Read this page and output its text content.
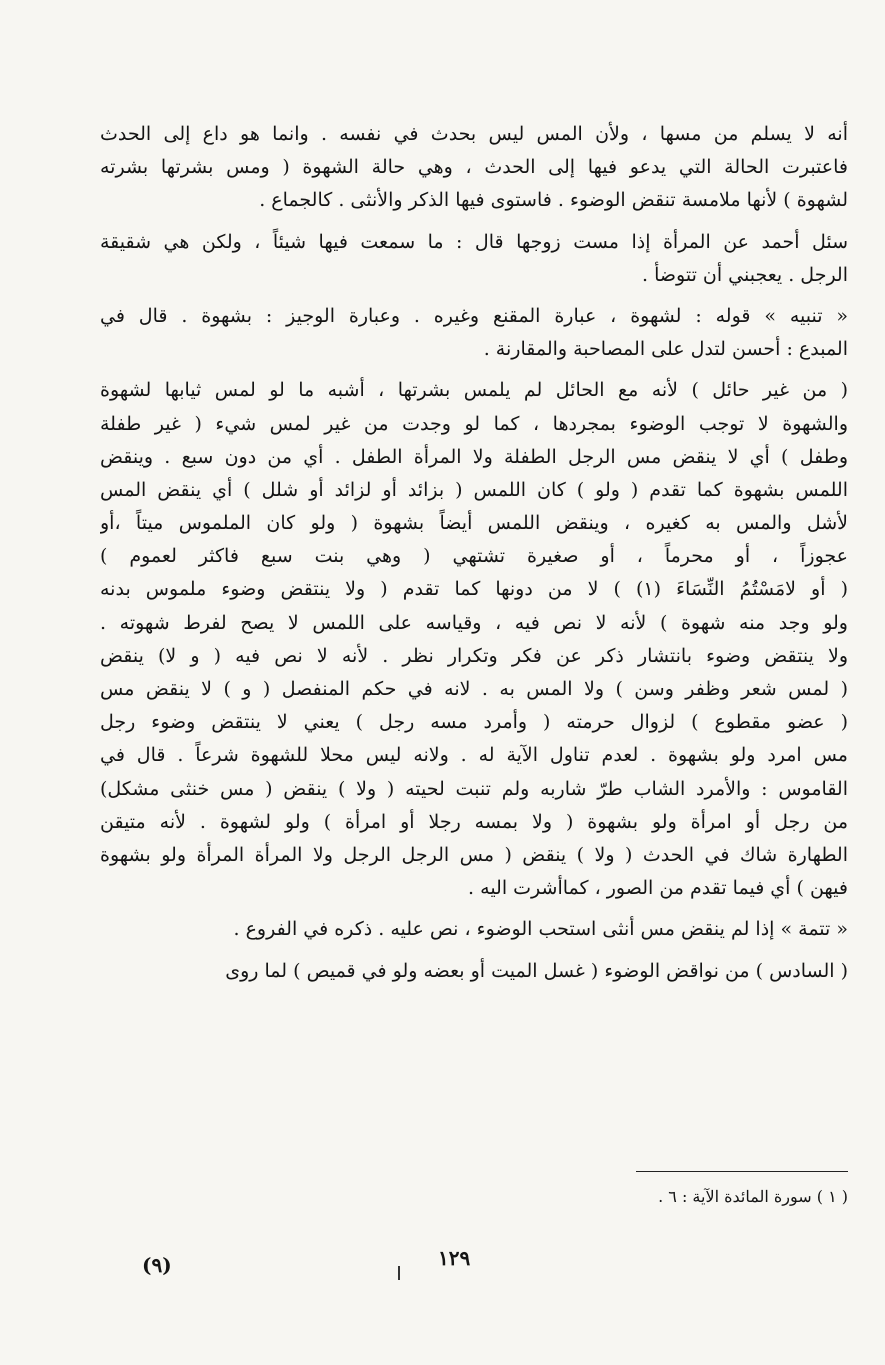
أنه لا يسلم من مسها ، ولأن المس ليس بحدث في نفسه . وانما هو داع إلى الحدث
فاعتبرت الحالة التي يدعو فيها إلى الحدث ، وهي حالة الشهوة ( ومس بشرتها بشرته
لشهوة ) لأنها ملامسة تنقض الوضوء . فاستوى فيها الذكر والأنثى . كالجماع .
سئل أحمد عن المرأة إذا مست زوجها قال : ما سمعت فيها شيئاً ، ولكن هي شقيقة
الرجل . يعجبني أن تتوضأ .
« تنبيه » قوله : لشهوة ، عبارة المقنع وغيره . وعبارة الوجيز : بشهوة . قال في
المبدع : أحسن لتدل على المصاحبة والمقارنة .
( من غير حائل ) لأنه مع الحائل لم يلمس بشرتها ، أشبه ما لو لمس ثيابها لشهوة
والشهوة لا توجب الوضوء بمجردها ، كما لو وجدت من غير لمس شيء ( غير طفلة
وطفل ) أي لا ينقض مس الرجل الطفلة ولا المرأة الطفل . أي من دون سبع . وينقض
اللمس بشهوة كما تقدم ( ولو ) كان اللمس ( بزائد أو لزائد أو شلل ) أي ينقض المس
لأشل والمس به كغيره ، وينقض اللمس أيضاً بشهوة ( ولو كان الملموس ميتاً ،أو
عجوزاً ، أو محرماً ، أو صغيرة تشتهي ( وهي بنت سبع فاكثر لعموم )
( أو لامَسْتُمُ النِّسَاءَ (١) ) لا من دونها كما تقدم ( ولا ينتقض وضوء ملموس بدنه
ولو وجد منه شهوة ) لأنه لا نص فيه ، وقياسه على اللمس لا يصح لفرط شهوته .
ولا ينتقض وضوء بانتشار ذكر عن فكر وتكرار نظر . لأنه لا نص فيه ( و لا) ينقض
( لمس شعر وظفر وسن ) ولا المس به . لانه في حكم المنفصل ( و ) لا ينقض مس
( عضو مقطوع ) لزوال حرمته ( وأمرد مسه رجل ) يعني لا ينتقض وضوء رجل
مس امرد ولو بشهوة . لعدم تناول الآية له . ولانه ليس محلا للشهوة شرعاً . قال في
القاموس : والأمرد الشاب طرّ شاربه ولم تنبت لحيته ( ولا ) ينقض ( مس خنثى مشكل)
من رجل أو امرأة ولو بشهوة ( ولا بمسه رجلا أو امرأة ) ولو لشهوة . لأنه متيقن
الطهارة شاك في الحدث ( ولا ) ينقض ( مس الرجل الرجل ولا المرأة المرأة ولو بشهوة
فيهن ) أي فيما تقدم من الصور ، كماأشرت اليه .
« تتمة » إذا لم ينقض مس أنثى استحب الوضوء ، نص عليه . ذكره في الفروع .
( السادس ) من نواقض الوضوء ( غسل الميت أو بعضه ولو في قميص ) لما روى
( ١ ) سورة المائدة الآية : ٦ .
١٢٩
(٩)
